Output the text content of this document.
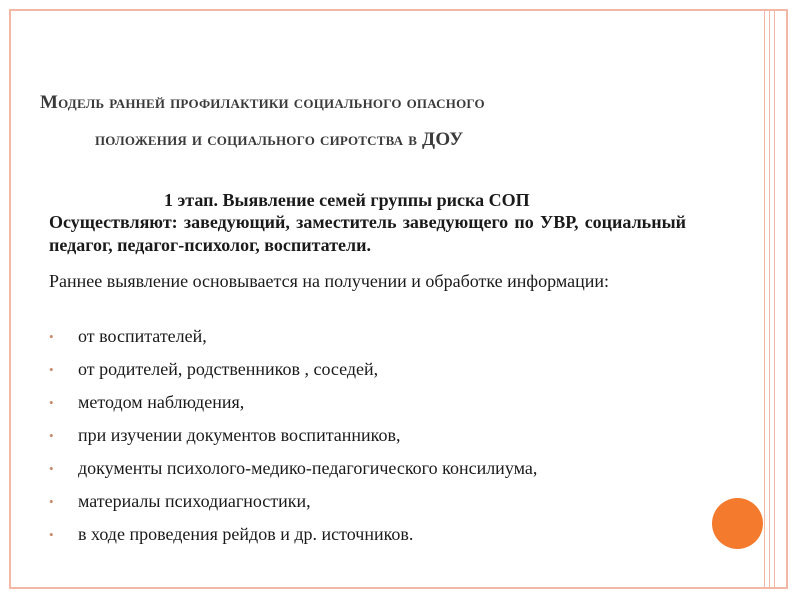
Модель ранней профилактики социального опасного
положения и социального сиротства в ДОУ
1 этап. Выявление семей группы риска СОП
Осуществляют: заведующий, заместитель заведующего по УВР, социальный педагог, педагог-психолог, воспитатели.
Раннее выявление основывается на получении и обработке информации:
• от воспитателей,
• от родителей, родственников , соседей,
• методом наблюдения,
• при изучении документов воспитанников,
• документы психолого-медико-педагогического консилиума,
• материалы психодиагностики,
• в ходе проведения рейдов и др. источников.
